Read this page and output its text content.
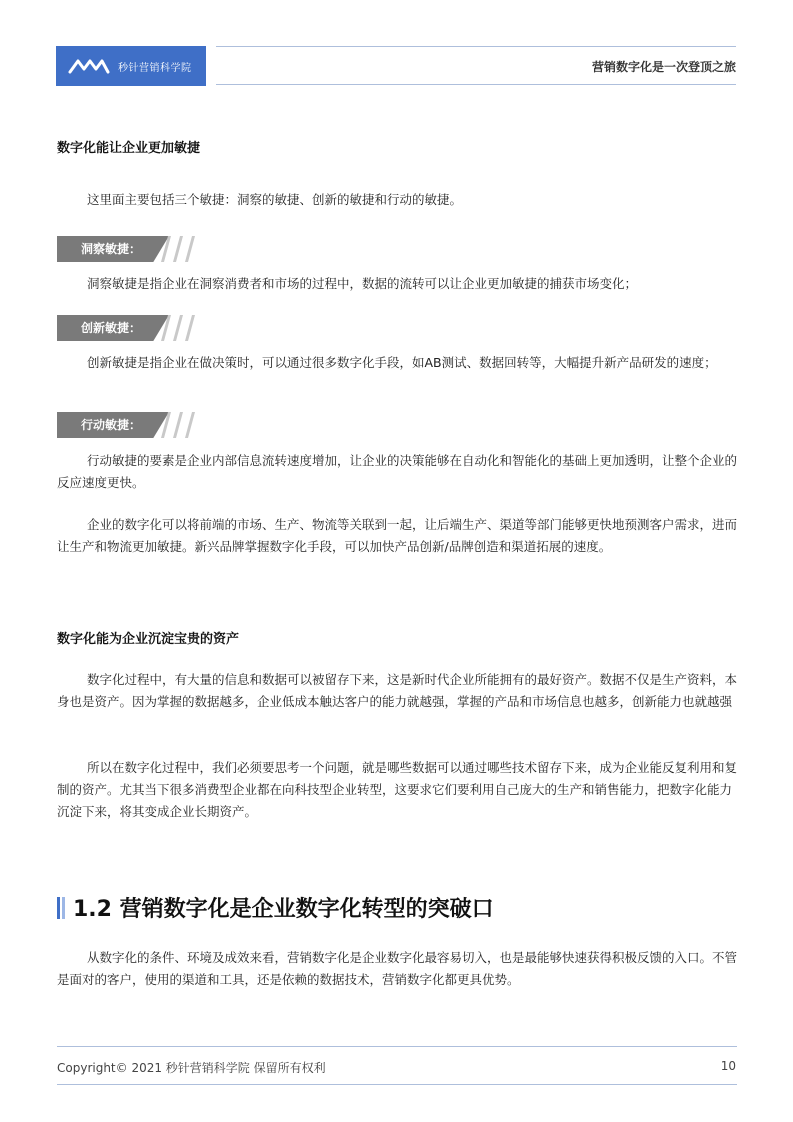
秒针营销科学院	营销数字化是一次登顶之旅
数字化能让企业更加敏捷

这里面主要包括三个敏捷：洞察的敏捷、创新的敏捷和行动的敏捷。

洞察敏捷：

洞察敏捷是指企业在洞察消费者和市场的过程中，数据的流转可以让企业更加敏捷的捕获市场变化；

创新敏捷：

创新敏捷是指企业在做决策时，可以通过很多数字化手段，如AB测试、数据回转等，大幅提升新产品研发的速度；

行动敏捷：

行动敏捷的要素是企业内部信息流转速度增加，让企业的决策能够在自动化和智能化的基础上更加透明，让整个企业的反应速度更快。

企业的数字化可以将前端的市场、生产、物流等关联到一起，让后端生产、渠道等部门能够更快地预测客户需求，进而让生产和物流更加敏捷。新兴品牌掌握数字化手段，可以加快产品创新/品牌创造和渠道拓展的速度。

数字化能为企业沉淀宝贵的资产

数字化过程中，有大量的信息和数据可以被留存下来，这是新时代企业所能拥有的最好资产。数据不仅是生产资料，本身也是资产。因为掌握的数据越多，企业低成本触达客户的能力就越强，掌握的产品和市场信息也越多，创新能力也就越强

所以在数字化过程中，我们必须要思考一个问题，就是哪些数据可以通过哪些技术留存下来，成为企业能反复利用和复制的资产。尤其当下很多消费型企业都在向科技型企业转型，这要求它们要利用自己庞大的生产和销售能力，把数字化能力沉淀下来，将其变成企业长期资产。

1.2 营销数字化是企业数字化转型的突破口

从数字化的条件、环境及成效来看，营销数字化是企业数字化最容易切入，也是最能够快速获得积极反馈的入口。不管是面对的客户，使用的渠道和工具，还是依赖的数据技术，营销数字化都更具优势。

Copyright© 2021 秒针营销科学院 保留所有权利	10
